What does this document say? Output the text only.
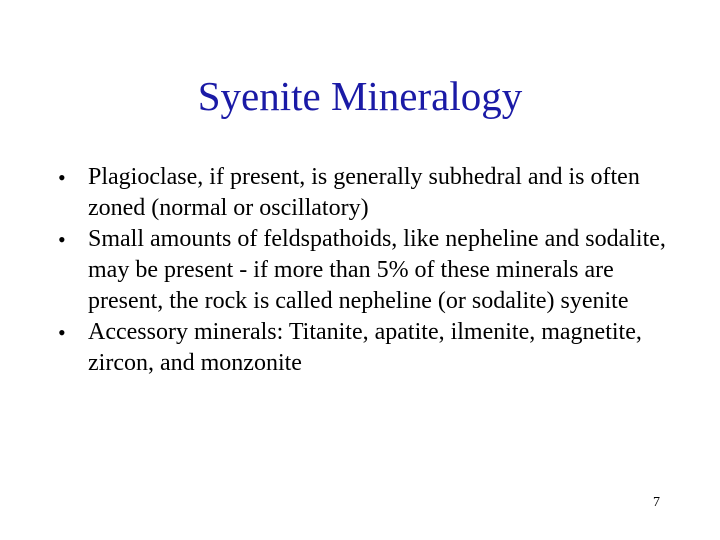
Syenite Mineralogy
• Plagioclase, if present, is generally subhedral and is often zoned (normal or oscillatory)
• Small amounts of feldspathoids, like nepheline and sodalite, may be present - if more than 5% of these minerals are present, the rock is called nepheline (or sodalite) syenite
• Accessory minerals: Titanite, apatite, ilmenite, magnetite, zircon, and monzonite
7
